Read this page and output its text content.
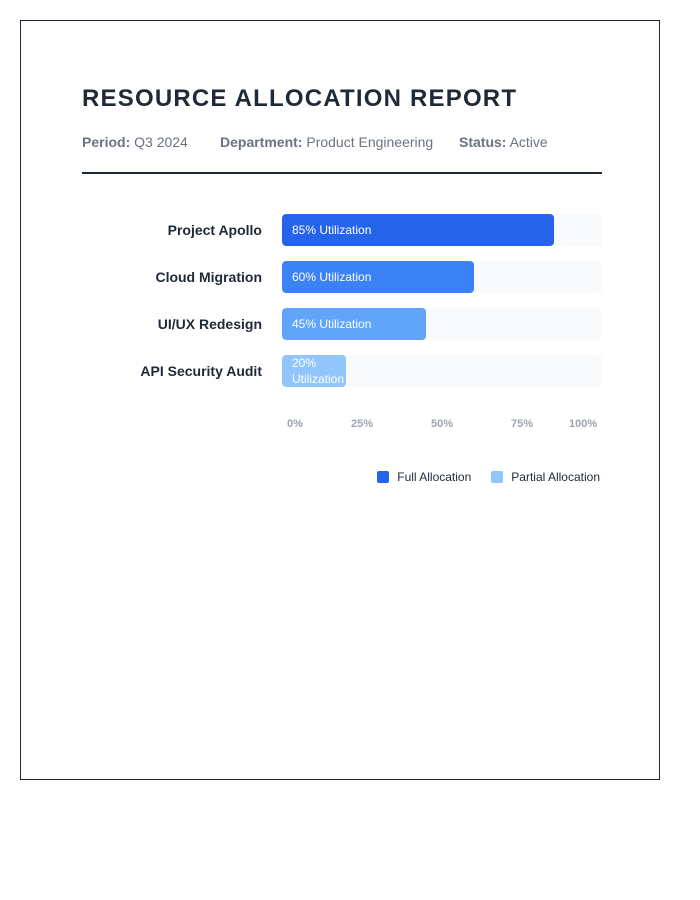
RESOURCE ALLOCATION REPORT
Period: Q3 2024 Department: Product Engineering Status: Active
0%	25%	50%	75%	100%
Project Apollo	85% Utilization
Cloud Migration	60% Utilization
UI/UX Redesign	45% Utilization
API Security Audit	20% Utilization
Full Allocation	Partial Allocation
